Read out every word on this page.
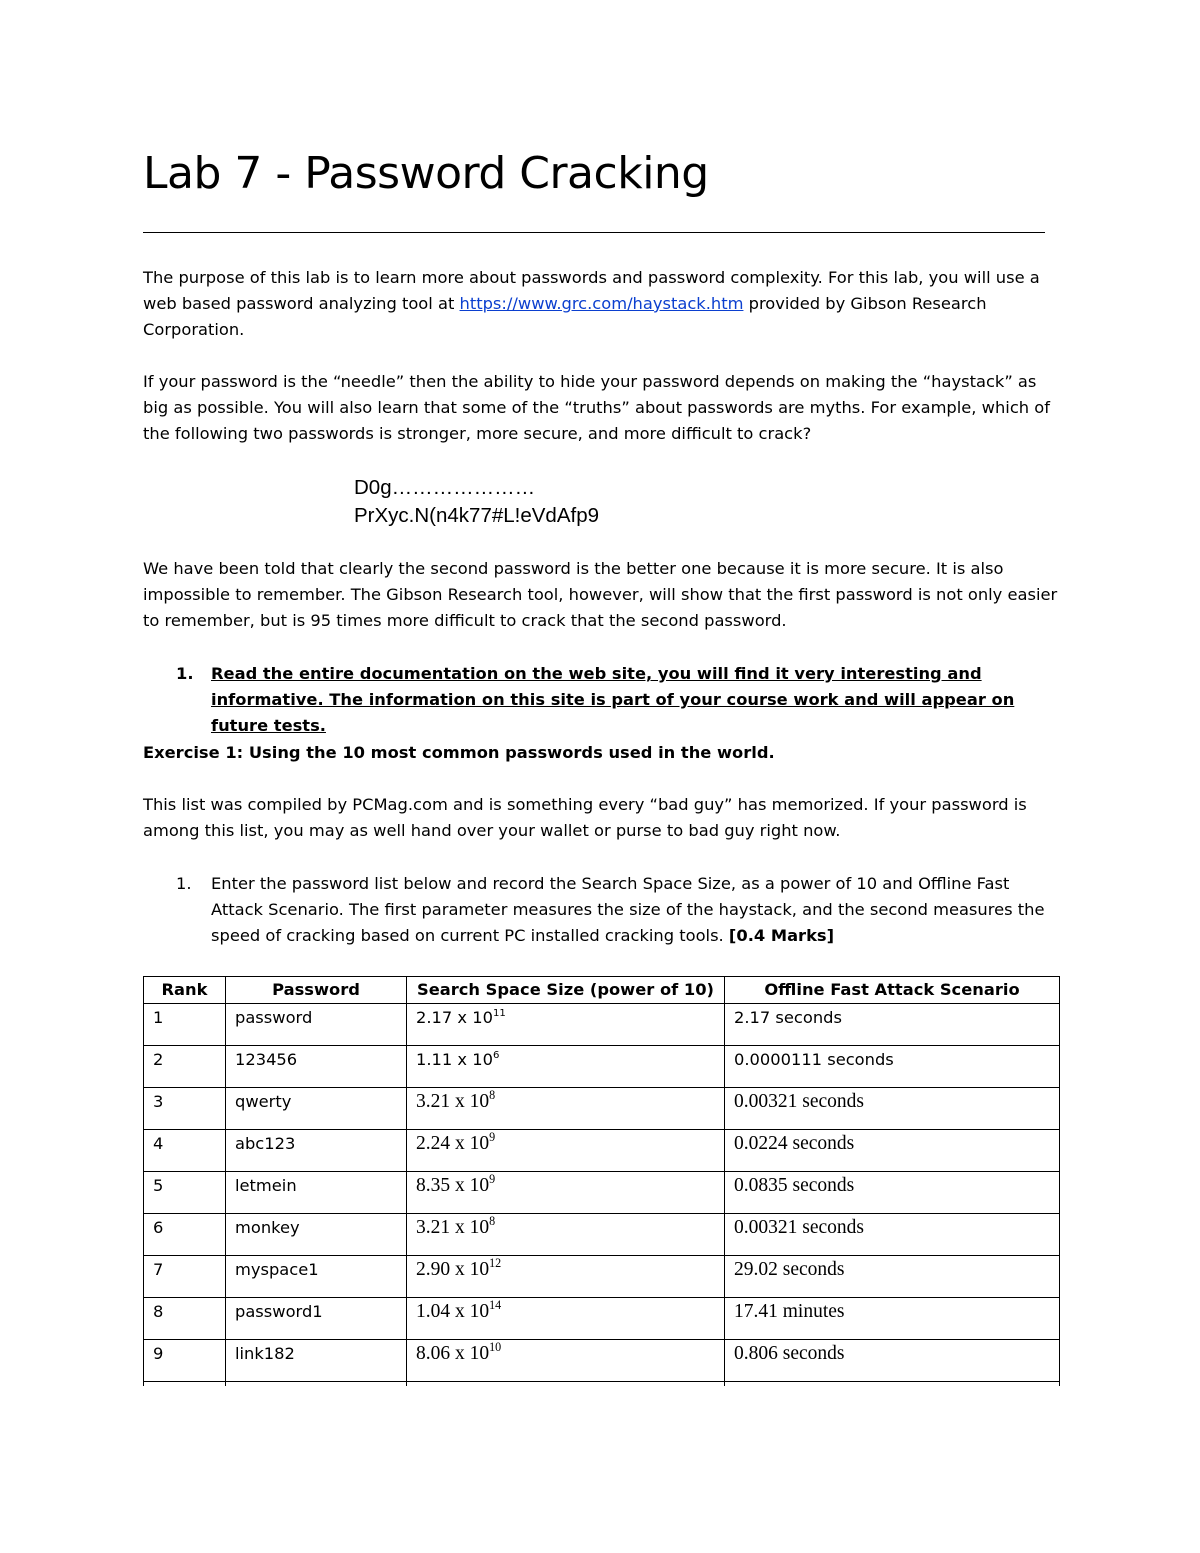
Lab 7 - Password Cracking

The purpose of this lab is to learn more about passwords and password complexity. For this lab, you will use a web based password analyzing tool at https://www.grc.com/haystack.htm provided by Gibson Research Corporation.

If your password is the “needle” then the ability to hide your password depends on making the “haystack” as big as possible. You will also learn that some of the “truths” about passwords are myths. For example, which of the following two passwords is stronger, more secure, and more difficult to crack?

D0g…………………
PrXyc.N(n4k77#L!eVdAfp9

We have been told that clearly the second password is the better one because it is more secure. It is also impossible to remember. The Gibson Research tool, however, will show that the first password is not only easier to remember, but is 95 times more difficult to crack that the second password.

1. Read the entire documentation on the web site, you will find it very interesting and informative. The information on this site is part of your course work and will appear on future tests.

Exercise 1: Using the 10 most common passwords used in the world.

This list was compiled by PCMag.com and is something every “bad guy” has memorized. If your password is among this list, you may as well hand over your wallet or purse to bad guy right now.

1. Enter the password list below and record the Search Space Size, as a power of 10 and Offline Fast Attack Scenario. The first parameter measures the size of the haystack, and the second measures the speed of cracking based on current PC installed cracking tools. [0.4 Marks]
Rank	Password	Search Space Size (power of 10)	Offline Fast Attack Scenario
1	password	2.17 x $10^{11}$	2.17 seconds
2	123456	1.11 x $10^6$	0.0000111 seconds
3	qwerty	3.21 x $10^8$	0.00321 seconds
4	abc123	2.24 x $10^9$	0.0224 seconds
5	letmein	8.35 x $10^9$	0.0835 seconds
6	monkey	3.21 x $10^8$	0.00321 seconds
7	myspace1	2.90 x $10^{12}$	29.02 seconds
8	password1	1.04 x $10^{14}$	17.41 minutes
9	link182	8.06 x $10^{10}$	0.806 seconds
